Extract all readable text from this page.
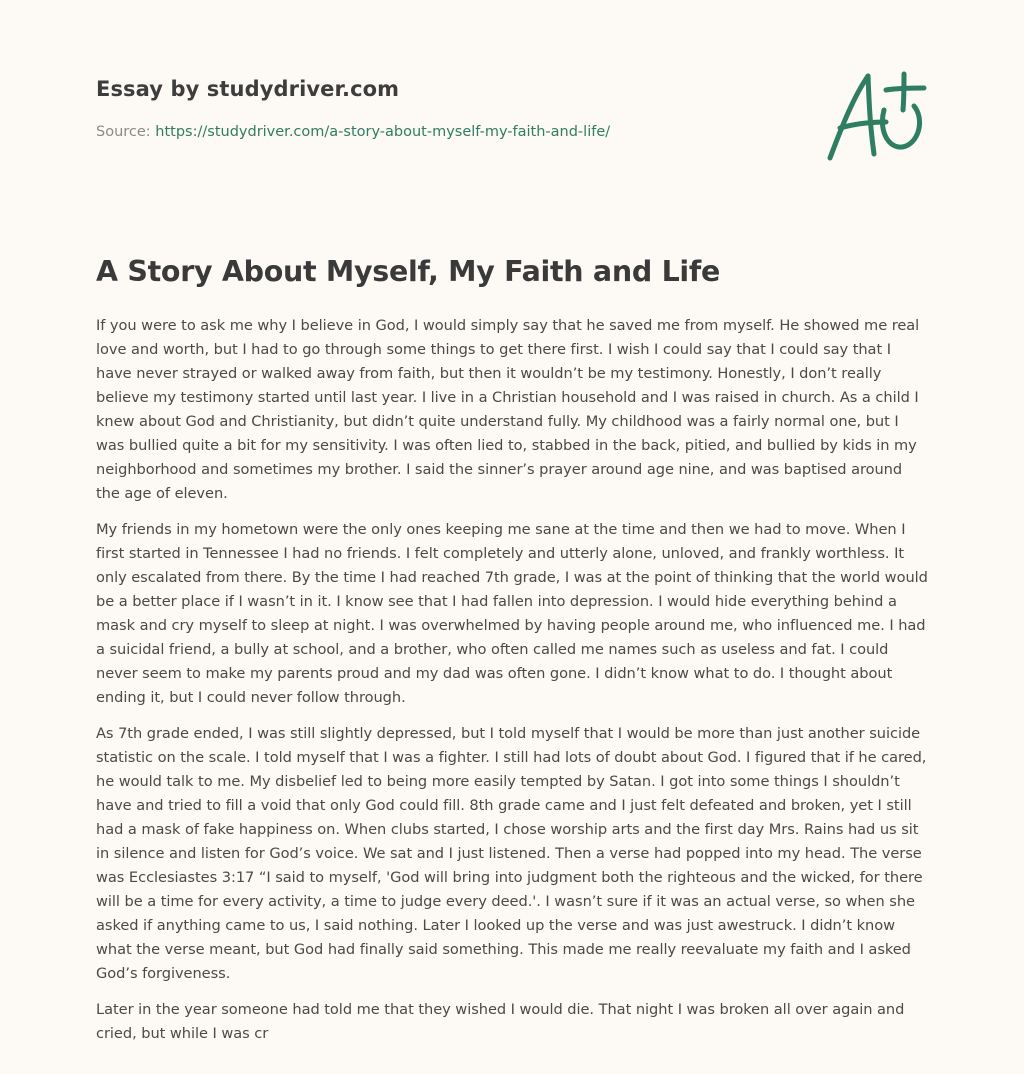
Essay by studydriver.com
Source: https://studydriver.com/a-story-about-myself-my-faith-and-life/
A Story About Myself, My Faith and Life

If you were to ask me why I believe in God, I would simply say that he saved me from myself. He showed me real love and worth, but I had to go through some things to get there first. I wish I could say that I could say that I have never strayed or walked away from faith, but then it wouldn’t be my testimony. Honestly, I don’t really believe my testimony started until last year. I live in a Christian household and I was raised in church. As a child I knew about God and Christianity, but didn’t quite understand fully. My childhood was a fairly normal one, but I was bullied quite a bit for my sensitivity. I was often lied to, stabbed in the back, pitied, and bullied by kids in my neighborhood and sometimes my brother. I said the sinner’s prayer around age nine, and was baptised around the age of eleven.

My friends in my hometown were the only ones keeping me sane at the time and then we had to move. When I first started in Tennessee I had no friends. I felt completely and utterly alone, unloved, and frankly worthless. It only escalated from there. By the time I had reached 7th grade, I was at the point of thinking that the world would be a better place if I wasn’t in it. I know see that I had fallen into depression. I would hide everything behind a mask and cry myself to sleep at night. I was overwhelmed by having people around me, who influenced me. I had a suicidal friend, a bully at school, and a brother, who often called me names such as useless and fat. I could never seem to make my parents proud and my dad was often gone. I didn’t know what to do. I thought about ending it, but I could never follow through.

As 7th grade ended, I was still slightly depressed, but I told myself that I would be more than just another suicide statistic on the scale. I told myself that I was a fighter. I still had lots of doubt about God. I figured that if he cared, he would talk to me. My disbelief led to being more easily tempted by Satan. I got into some things I shouldn’t have and tried to fill a void that only God could fill. 8th grade came and I just felt defeated and broken, yet I still had a mask of fake happiness on. When clubs started, I chose worship arts and the first day Mrs. Rains had us sit in silence and listen for God’s voice. We sat and I just listened. Then a verse had popped into my head. The verse was Ecclesiastes 3:17 “I said to myself, 'God will bring into judgment both the righteous and the wicked, for there will be a time for every activity, a time to judge every deed.'. I wasn’t sure if it was an actual verse, so when she asked if anything came to us, I said nothing. Later I looked up the verse and was just awestruck. I didn’t know what the verse meant, but God had finally said something. This made me really reevaluate my faith and I asked God’s forgiveness.

Later in the year someone had told me that they wished I would die. That night I was broken all over again and cried, but while I was cr
